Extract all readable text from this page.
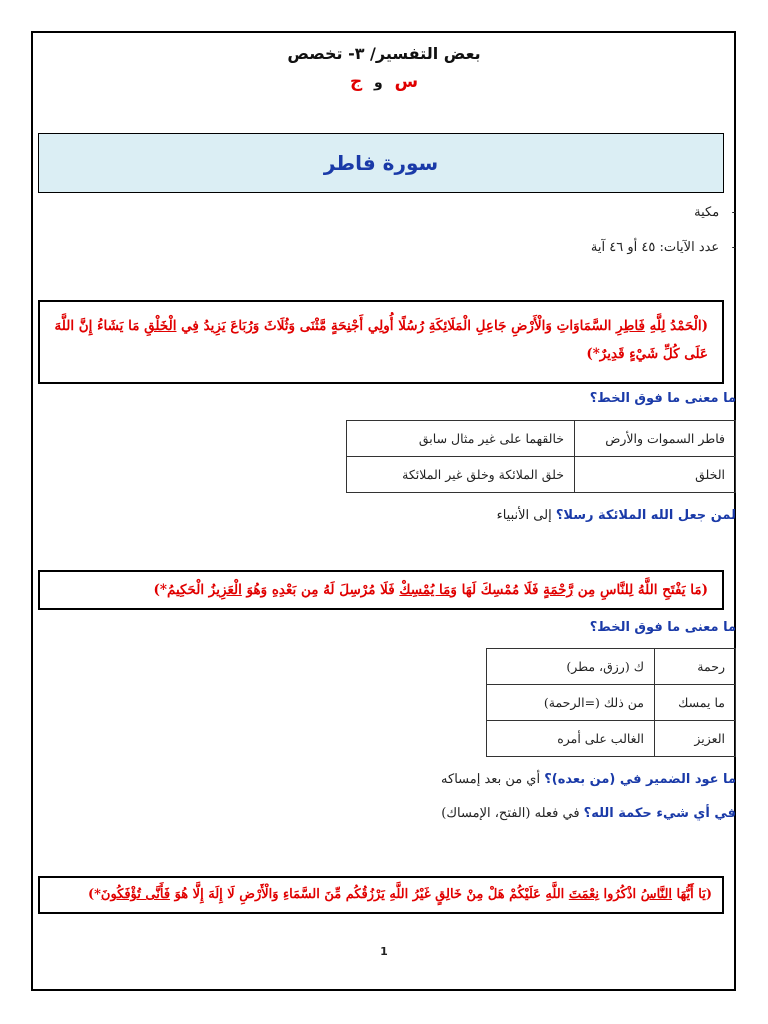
بعض التفسير/ ٣- تخصص
س  و  ج
سورة فاطر
-   مكية
-   عدد الآيات: ٤٥ أو ٤٦ آية
(الْحَمْدُ لِلَّهِ فَاطِرِ السَّمَاوَاتِ وَالْأَرْضِ جَاعِلِ الْمَلَائِكَةِ رُسُلًا أُولِي أَجْنِحَةٍ مَّثْنَى وَثُلَاثَ وَرُبَاعَ يَزِيدُ فِي الْخَلْقِ مَا يَشَاءُ إِنَّ اللَّهَ
عَلَى كُلِّ شَيْءٍ قَدِيرٌ*)
ما معنى ما فوق الخط؟
فاطر السموات والأرض	خالقهما على غير مثال سابق
الخلق	خلق الملائكة وخلق غير الملائكة
لمن جعل الله الملائكة رسلا؟ إلى الأنبياء
(مَا يَفْتَحِ اللَّهُ لِلنَّاسِ مِن رَّحْمَةٍ فَلَا مُمْسِكَ لَهَا وَمَا يُمْسِكْ فَلَا مُرْسِلَ لَهُ مِن بَعْدِهِ وَهُوَ الْعَزِيزُ الْحَكِيمُ*)
ما معنى ما فوق الخط؟
رحمة	ك (رزق، مطر)
ما يمسك	من ذلك (=الرحمة)
العزيز	الغالب على أمره
ما عود الضمير في (من بعده)؟ أي من بعد إمساكه
في أي شيء حكمة الله؟ في فعله (الفتح، الإمساك)
(يَا أَيُّهَا النَّاسُ اذْكُرُوا نِعْمَتَ اللَّهِ عَلَيْكُمْ هَلْ مِنْ خَالِقٍ غَيْرُ اللَّهِ يَرْزُقُكُم مِّنَ السَّمَاءِ وَالْأَرْضِ لَا إِلَهَ إِلَّا هُوَ فَأَنَّى تُؤْفَكُونَ*)
1
